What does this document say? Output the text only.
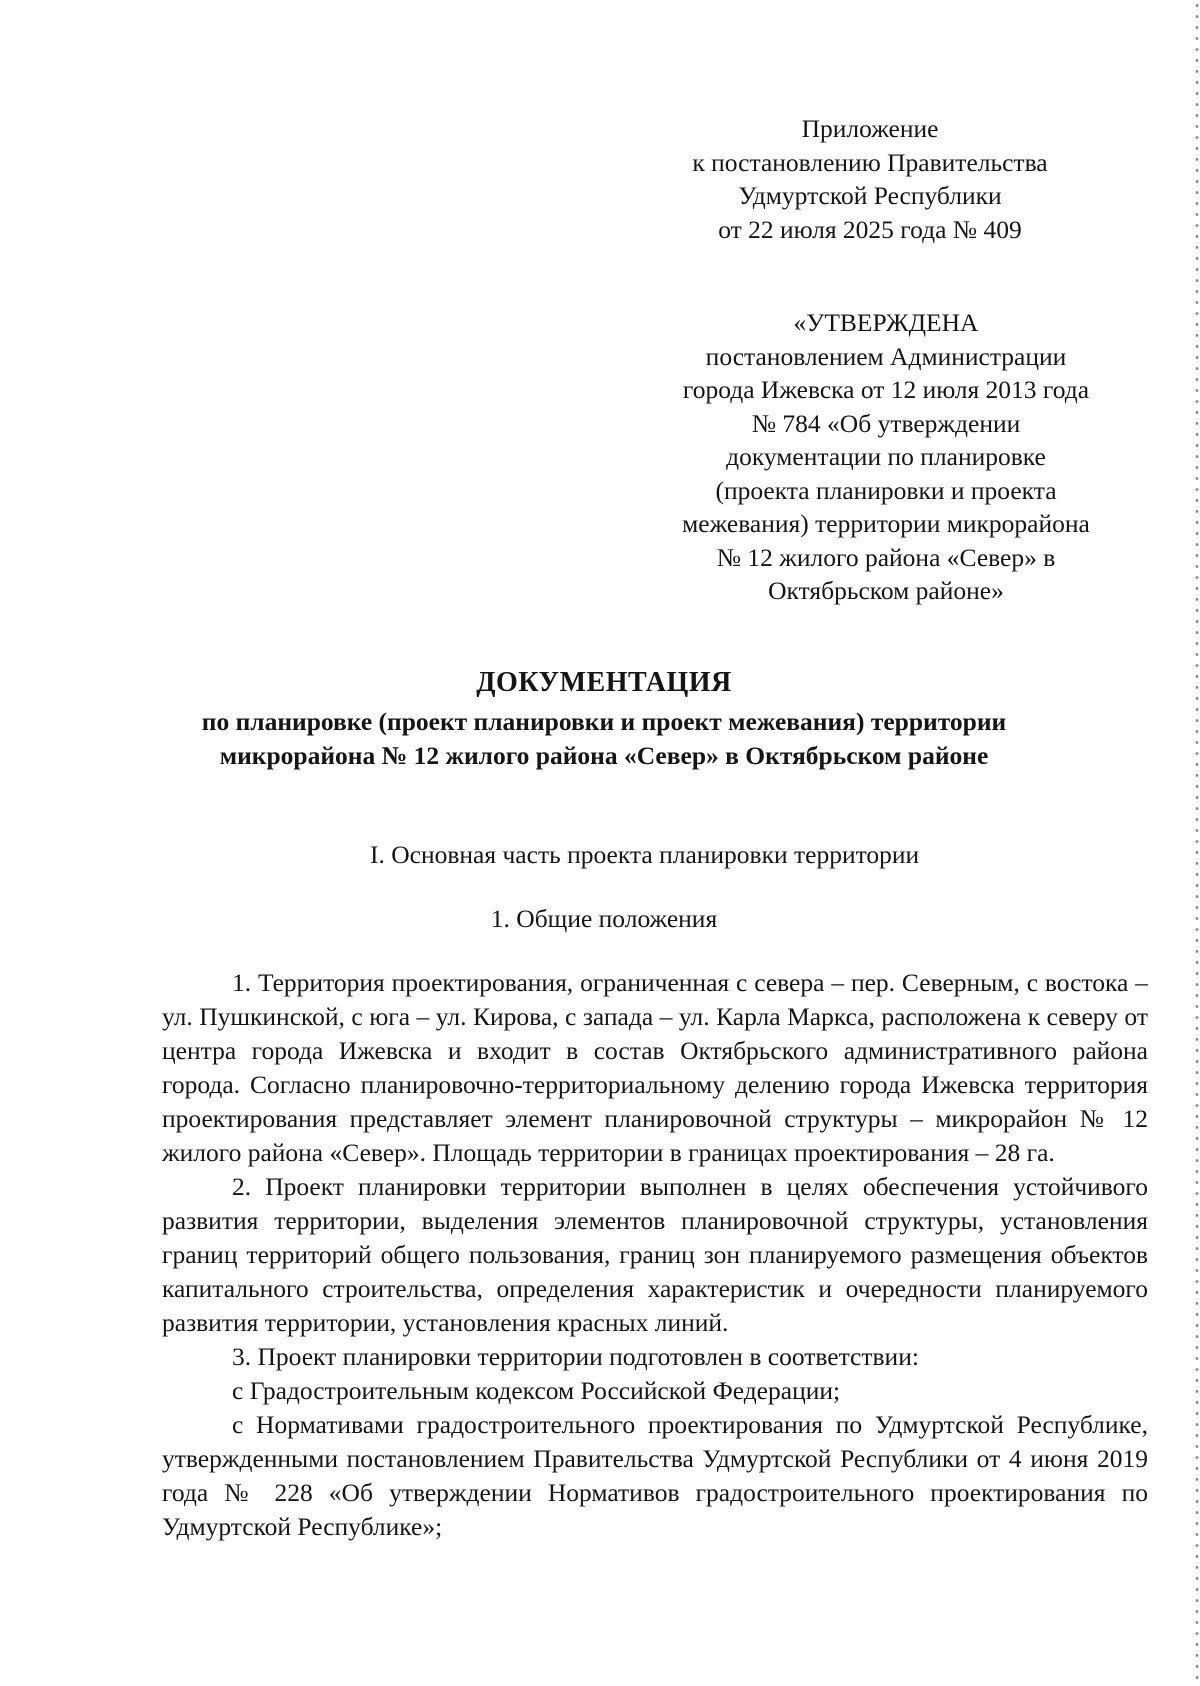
Приложение
к постановлению Правительства
Удмуртской Республики
от 22 июля 2025 года № 409
«УТВЕРЖДЕНА
постановлением Администрации
города Ижевска от 12 июля 2013 года
№ 784 «Об утверждении
документации по планировке
(проекта планировки и проекта
межевания) территории микрорайона
№ 12 жилого района «Север» в
Октябрьском районе»
ДОКУМЕНТАЦИЯ
по планировке (проект планировки и проект межевания) территории
микрорайона № 12 жилого района «Север» в Октябрьском районе
I. Основная часть проекта планировки территории
1. Общие положения

1. Территория проектирования, ограниченная с севера – пер. Северным, с востока – ул. Пушкинской, с юга – ул. Кирова, с запада – ул. Карла Маркса, расположена к северу от центра города Ижевска и входит в состав Октябрьского административного района города. Согласно планировочно-территориальному делению города Ижевска территория проектирования представляет элемент планировочной структуры – микрорайон № 12 жилого района «Север». Площадь территории в границах проектирования – 28 га.

2. Проект планировки территории выполнен в целях обеспечения устойчивого развития территории, выделения элементов планировочной структуры, установления границ территорий общего пользования, границ зон планируемого размещения объектов капитального строительства, определения характеристик и очередности планируемого развития территории, установления красных линий.

3. Проект планировки территории подготовлен в соответствии:

с Градостроительным кодексом Российской Федерации;

с Нормативами градостроительного проектирования по Удмуртской Республике, утвержденными постановлением Правительства Удмуртской Республики от 4 июня 2019 года № 228 «Об утверждении Нормативов градостроительного проектирования по Удмуртской Республике»;
